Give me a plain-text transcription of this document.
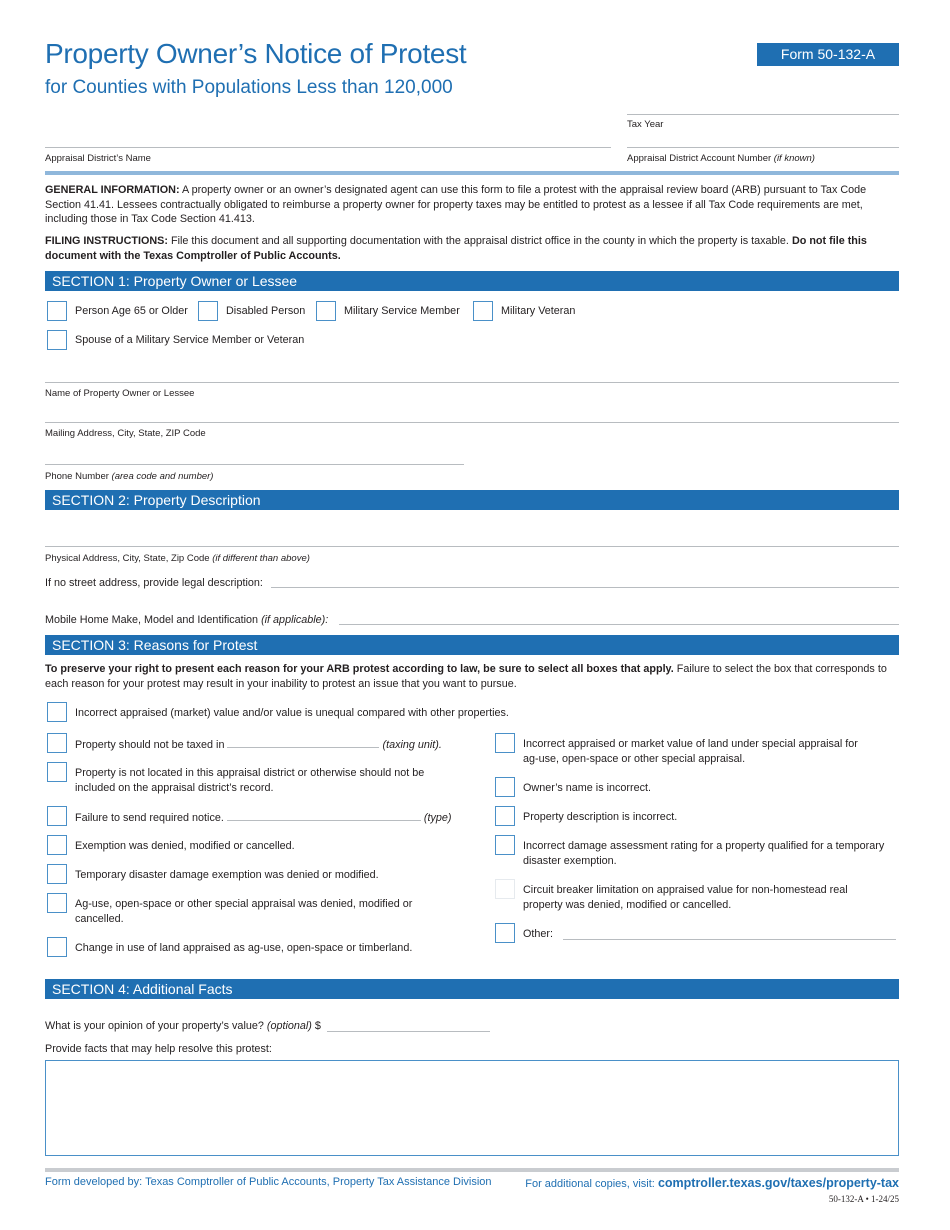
Property Owner’s Notice of Protest
for Counties with Populations Less than 120,000
Form 50-132-A
Tax Year
Appraisal District’s Name	Appraisal District Account Number (if known)
GENERAL INFORMATION: A property owner or an owner’s designated agent can use this form to file a protest with the appraisal review board (ARB) pursuant to Tax Code Section 41.41. Lessees contractually obligated to reimburse a property owner for property taxes may be entitled to protest as a lessee if all Tax Code requirements are met, including those in Tax Code Section 41.413.
FILING INSTRUCTIONS: File this document and all supporting documentation with the appraisal district office in the county in which the property is taxable. Do not file this document with the Texas Comptroller of Public Accounts.
SECTION 1: Property Owner or Lessee
Person Age 65 or Older	Disabled Person	Military Service Member	Military Veteran
Spouse of a Military Service Member or Veteran
Name of Property Owner or Lessee
Mailing Address, City, State, ZIP Code
Phone Number (area code and number)
SECTION 2: Property Description
Physical Address, City, State, Zip Code (if different than above)
If no street address, provide legal description:
Mobile Home Make, Model and Identification (if applicable):
SECTION 3: Reasons for Protest
To preserve your right to present each reason for your ARB protest according to law, be sure to select all boxes that apply. Failure to select the box that corresponds to each reason for your protest may result in your inability to protest an issue that you want to pursue.
Incorrect appraised (market) value and/or value is unequal compared with other properties.
Property should not be taxed in	(taxing unit).
Property is not located in this appraisal district or otherwise should not be included on the appraisal district’s record.
Failure to send required notice.	(type)
Exemption was denied, modified or cancelled.
Temporary disaster damage exemption was denied or modified.
Ag-use, open-space or other special appraisal was denied, modified or cancelled.
Change in use of land appraised as ag-use, open-space or timberland.
Incorrect appraised or market value of land under special appraisal for ag-use, open-space or other special appraisal.
Owner’s name is incorrect.
Property description is incorrect.
Incorrect damage assessment rating for a property qualified for a temporary disaster exemption.
Circuit breaker limitation on appraised value for non-homestead real property was denied, modified or cancelled.
Other:
SECTION 4: Additional Facts
What is your opinion of your property’s value? (optional) $
Provide facts that may help resolve this protest:
Form developed by: Texas Comptroller of Public Accounts, Property Tax Assistance Division	For additional copies, visit: comptroller.texas.gov/taxes/property-tax
50-132-A • 1-24/25
